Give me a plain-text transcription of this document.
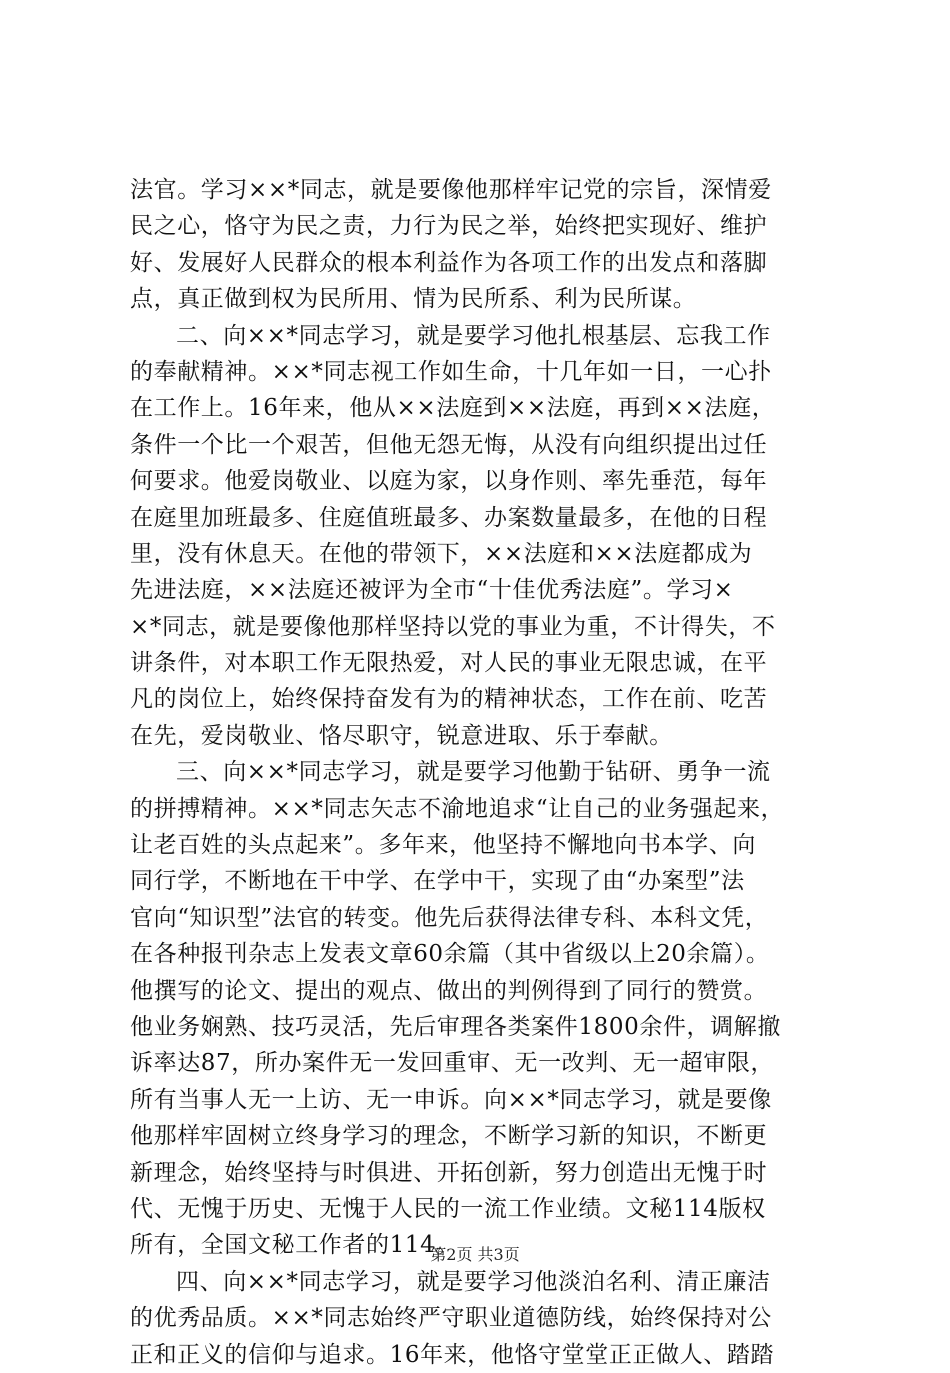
法官。学习××*同志，就是要像他那样牢记党的宗旨，深情爱
民之心，恪守为民之责，力行为民之举，始终把实现好、维护
好、发展好人民群众的根本利益作为各项工作的出发点和落脚
点，真正做到权为民所用、情为民所系、利为民所谋。
二、向××*同志学习，就是要学习他扎根基层、忘我工作
的奉献精神。××*同志视工作如生命，十几年如一日，一心扑
在工作上。16年来，他从××法庭到××法庭，再到××法庭，
条件一个比一个艰苦，但他无怨无悔，从没有向组织提出过任
何要求。他爱岗敬业、以庭为家，以身作则、率先垂范，每年
在庭里加班最多、住庭值班最多、办案数量最多，在他的日程
里，没有休息天。在他的带领下，××法庭和××法庭都成为
先进法庭，××法庭还被评为全市“十佳优秀法庭”。学习×
×*同志，就是要像他那样坚持以党的事业为重，不计得失，不
讲条件，对本职工作无限热爱，对人民的事业无限忠诚，在平
凡的岗位上，始终保持奋发有为的精神状态，工作在前、吃苦
在先，爱岗敬业、恪尽职守，锐意进取、乐于奉献。
三、向××*同志学习，就是要学习他勤于钻研、勇争一流
的拼搏精神。××*同志矢志不渝地追求“让自己的业务强起来，
让老百姓的头点起来”。多年来，他坚持不懈地向书本学、向
同行学，不断地在干中学、在学中干，实现了由“办案型”法
官向“知识型”法官的转变。他先后获得法律专科、本科文凭，
在各种报刊杂志上发表文章60余篇（其中省级以上20余篇）。
他撰写的论文、提出的观点、做出的判例得到了同行的赞赏。
他业务娴熟、技巧灵活，先后审理各类案件1800余件，调解撤
诉率达87，所办案件无一发回重审、无一改判、无一超审限，
所有当事人无一上访、无一申诉。向××*同志学习，就是要像
他那样牢固树立终身学习的理念，不断学习新的知识，不断更
新理念，始终坚持与时俱进、开拓创新，努力创造出无愧于时
代、无愧于历史、无愧于人民的一流工作业绩。文秘114版权
所有，全国文秘工作者的114。
四、向××*同志学习，就是要学习他淡泊名利、清正廉洁
的优秀品质。××*同志始终严守职业道德防线，始终保持对公
正和正义的信仰与追求。16年来，他恪守堂堂正正做人、踏踏
第2页 共3页
